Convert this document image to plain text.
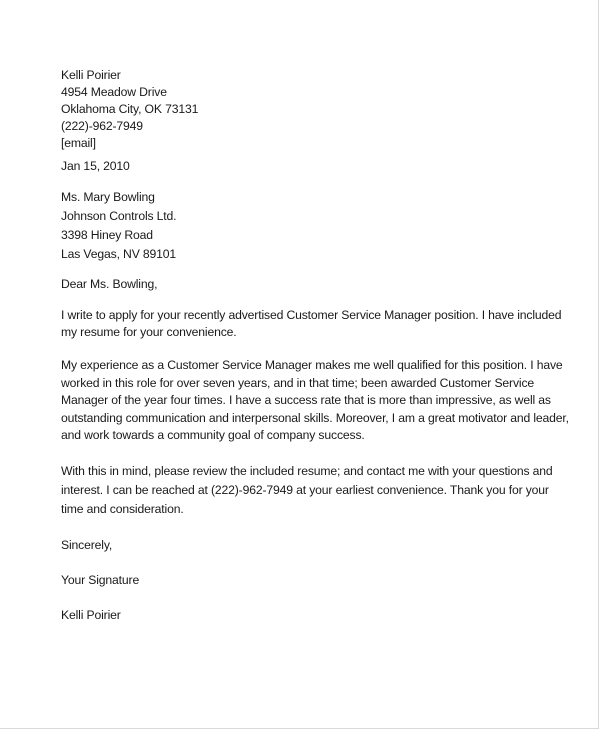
Kelli Poirier
4954 Meadow Drive
Oklahoma City, OK 73131
(222)-962-7949
[email]
Jan 15, 2010
Ms. Mary Bowling
Johnson Controls Ltd.
3398 Hiney Road
Las Vegas, NV 89101
Dear Ms. Bowling,
I write to apply for your recently advertised Customer Service Manager position. I have included
my resume for your convenience.
My experience as a Customer Service Manager makes me well qualified for this position. I have
worked in this role for over seven years, and in that time; been awarded Customer Service
Manager of the year four times. I have a success rate that is more than impressive, as well as
outstanding communication and interpersonal skills. Moreover, I am a great motivator and leader,
and work towards a community goal of company success.
With this in mind, please review the included resume; and contact me with your questions and
interest. I can be reached at (222)-962-7949 at your earliest convenience. Thank you for your
time and consideration.
Sincerely,
Your Signature
Kelli Poirier
